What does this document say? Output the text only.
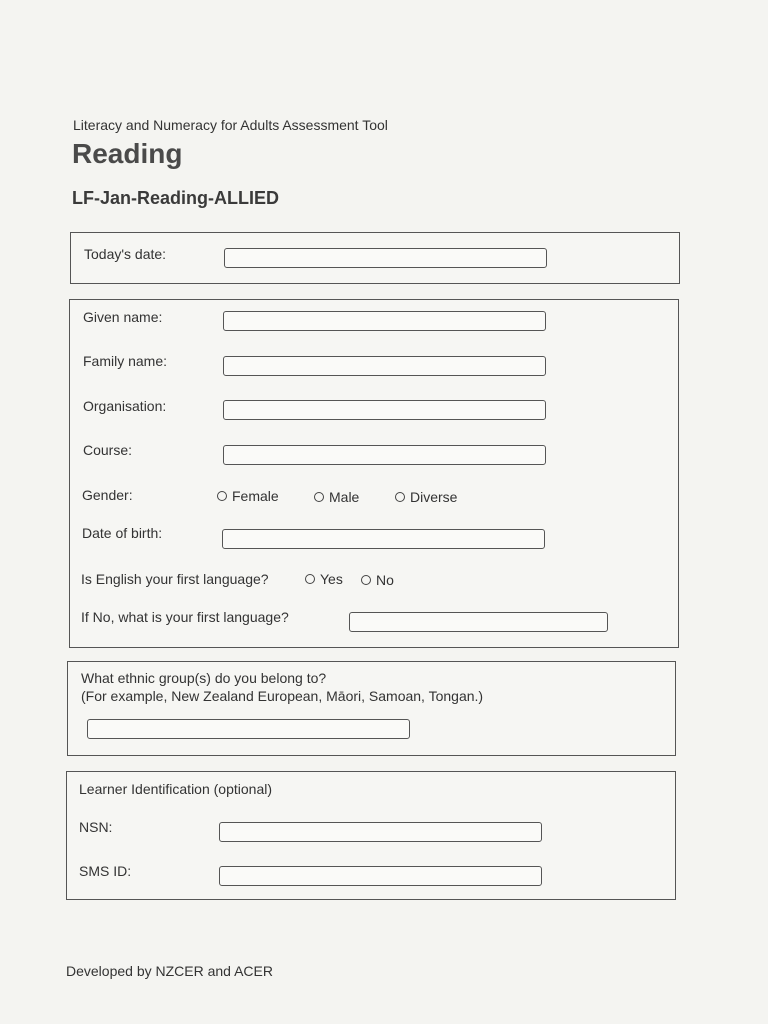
Literacy and Numeracy for Adults Assessment Tool
Reading
LF-Jan-Reading-ALLIED
Today's date:
Given name:
Family name:
Organisation:
Course:
Gender:	Female	Male	Diverse
Date of birth:
Is English your first language?	Yes No
If No, what is your first language?
What ethnic group(s) do you belong to?
(For example, New Zealand European, Māori, Samoan, Tongan.)
Learner Identification (optional)
NSN:
SMS ID:
Developed by NZCER and ACER
